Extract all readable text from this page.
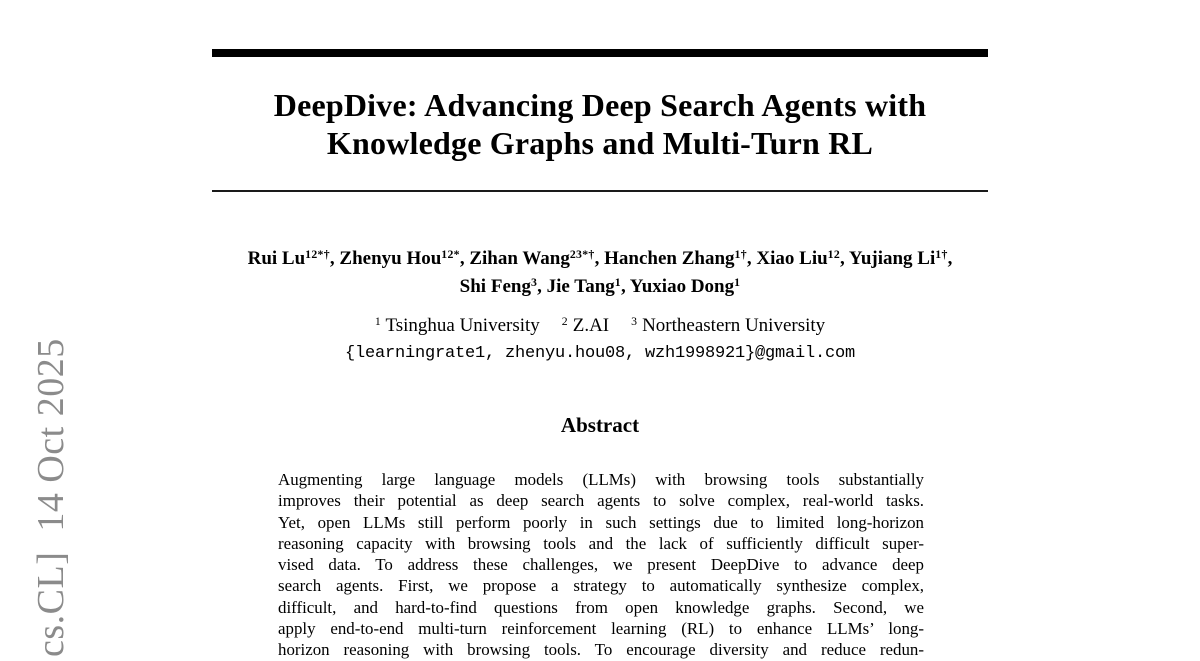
cs.CL]  14 Oct 2025
DeepDive: Advancing Deep Search Agents with
Knowledge Graphs and Multi-Turn RL
Rui $Lu^{12*\dagger}$, Zhenyu Hou$^{12*}$, Zihan Wang$^{23*\dagger}$, Hanchen Zhang$^{1\dagger}$, Xiao Liu$^{12}$, Yujiang $Li^{1\dagger}$,
Shi Feng$^3$, Jie Tang$^1$, Yuxiao Dong$^1$
$^1$ Tsinghua University $^2$ Z.AI $^3$ Northeastern University
{learningrate1, zhenyu.hou08, wzh1998921}@gmail.com
Abstract
Augmenting large language models (LLMs) with browsing tools substantially
improves their potential as deep search agents to solve complex, real-world tasks.
Yet, open LLMs still perform poorly in such settings due to limited long-horizon
reasoning capacity with browsing tools and the lack of sufficiently difficult super-
vised data. To address these challenges, we present DeepDive to advance deep
search agents. First, we propose a strategy to automatically synthesize complex,
difficult, and hard-to-find questions from open knowledge graphs. Second, we
apply end-to-end multi-turn reinforcement learning (RL) to enhance LLMs’ long-
horizon reasoning with browsing tools. To encourage diversity and reduce redun-
